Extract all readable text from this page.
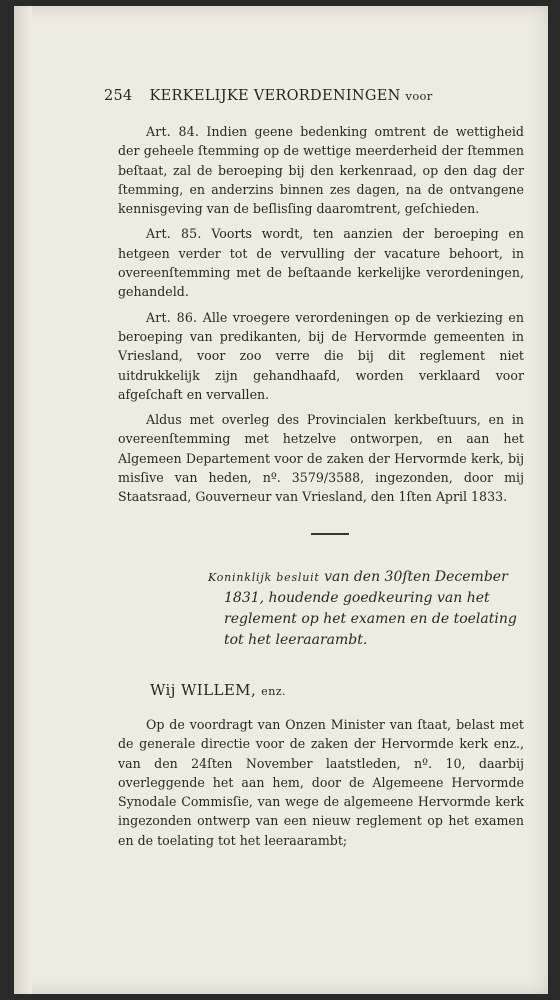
254 KERKELIJKE VERORDENINGEN voor

Art. 84. Indien geene bedenking omtrent de wettigheid der geheele ſtemming op de wettige meerderheid der ſtemmen beſtaat, zal de beroeping bij den kerkenraad, op den dag der ſtemming, en anderzins binnen zes dagen, na de ontvangene kennisgeving van de beſlisſing daaromtrent, geſchieden.

Art. 85. Voorts wordt, ten aanzien der beroeping en hetgeen verder tot de vervulling der vacature behoort, in overeenſtemming met de beſtaande kerkelijke verordeningen, gehandeld.

Art. 86. Alle vroegere verordeningen op de verkiezing en beroeping van predikanten, bij de Hervormde gemeenten in Vriesland, voor zoo verre die bij dit reglement niet uitdrukkelijk zijn gehandhaafd, worden verklaard voor afgeſchaft en vervallen.

Aldus met overleg des Provincialen kerkbeſtuurs, en in overeenſtemming met hetzelve ontworpen, en aan het Algemeen Departement voor de zaken der Hervormde kerk, bij misſive van heden, nº. 3579/3588, ingezonden, door mij Staatsraad, Gouverneur van Vriesland, den 1ſten April 1833.

Koninklijk besluit van den 30ſten December 1831, houdende goedkeuring van het reglement op het examen en de toelating tot het leeraarambt.

Wij WILLEM, enz.

Op de voordragt van Onzen Minister van ſtaat, belast met de generale directie voor de zaken der Hervormde kerk enz., van den 24ſten November laatstleden, nº. 10, daarbij overleggende het aan hem, door de Algemeene Hervormde Synodale Commisſie, van wege de algemeene Hervormde kerk ingezonden ontwerp van een nieuw reglement op het examen en de toelating tot het leeraarambt;
